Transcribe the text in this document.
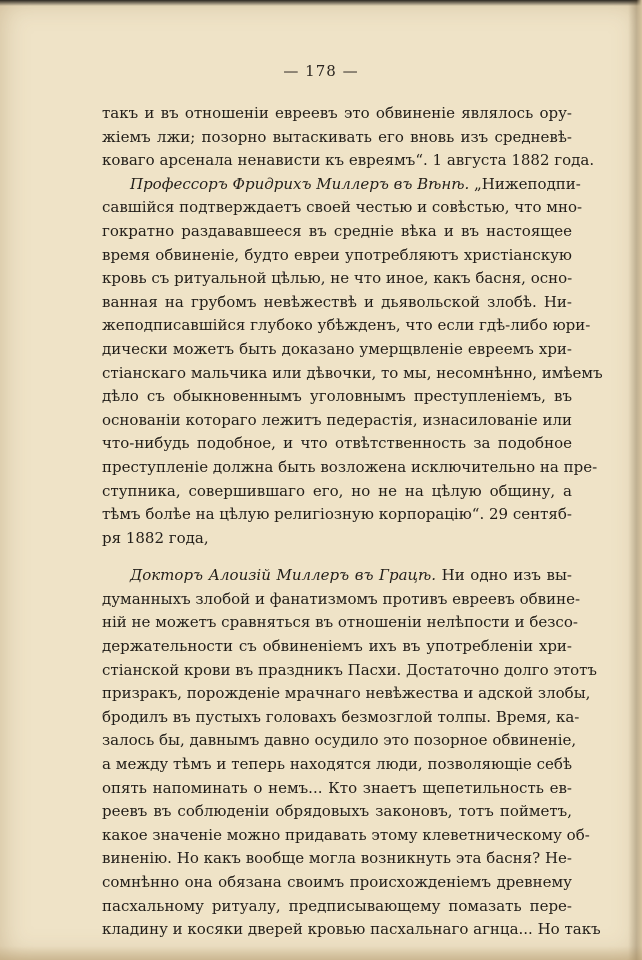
— 178 —
такъ и въ отношеніи евреевъ это обвиненіе являлось ору-
жіемъ лжи; позорно вытаскивать его вновь изъ средневѣ-
коваго арсенала ненависти къ евреямъ“. 1 августа 1882 года.
Профессоръ Фридрихъ Миллеръ въ Вѣнѣ. „Нижеподпи-
савшійся подтверждаетъ своей честью и совѣстью, что мно-
гократно раздававшееся въ средніе вѣка и въ настоящее
время обвиненіе, будто евреи употребляютъ христіанскую
кровь съ ритуальной цѣлью, не что иное, какъ басня, осно-
ванная на грубомъ невѣжествѣ и дьявольской злобѣ. Ни-
жеподписавшійся глубоко убѣжденъ, что если гдѣ-либо юри-
дически можетъ быть доказано умерщвленіе евреемъ хри-
стіанскаго мальчика или дѣвочки, то мы, несомнѣнно, имѣемъ
дѣло съ обыкновеннымъ уголовнымъ преступленіемъ, въ
основаніи котораго лежитъ педерастія, изнасилованіе или
что-нибудь подобное, и что отвѣтственность за подобное
преступленіе должна быть возложена исключительно на пре-
ступника, совершившаго его, но не на цѣлую общину, а
тѣмъ болѣе на цѣлую религіозную корпорацію“. 29 сентяб-
ря 1882 года,
Докторъ Алоизій Миллеръ въ Грацѣ. Ни одно изъ вы-
думанныхъ злобой и фанатизмомъ противъ евреевъ обвине-
ній не можетъ сравняться въ отношеніи нелѣпости и безсо-
держательности съ обвиненіемъ ихъ въ употребленіи хри-
стіанской крови въ праздникъ Пасхи. Достаточно долго этотъ
призракъ, порожденіе мрачнаго невѣжества и адской злобы,
бродилъ въ пустыхъ головахъ безмозглой толпы. Время, ка-
залось бы, давнымъ давно осудило это позорное обвиненіе,
а между тѣмъ и теперь находятся люди, позволяющіе себѣ
опять напоминать о немъ... Кто знаетъ щепетильность ев-
реевъ въ соблюденіи обрядовыхъ законовъ, тотъ пойметъ,
какое значеніе можно придавать этому клеветническому об-
виненію. Но какъ вообще могла возникнуть эта басня? Не-
сомнѣнно она обязана своимъ происхожденіемъ древнему
пасхальному ритуалу, предписывающему помазать пере-
кладину и косяки дверей кровью пасхальнаго агнца... Но такъ
